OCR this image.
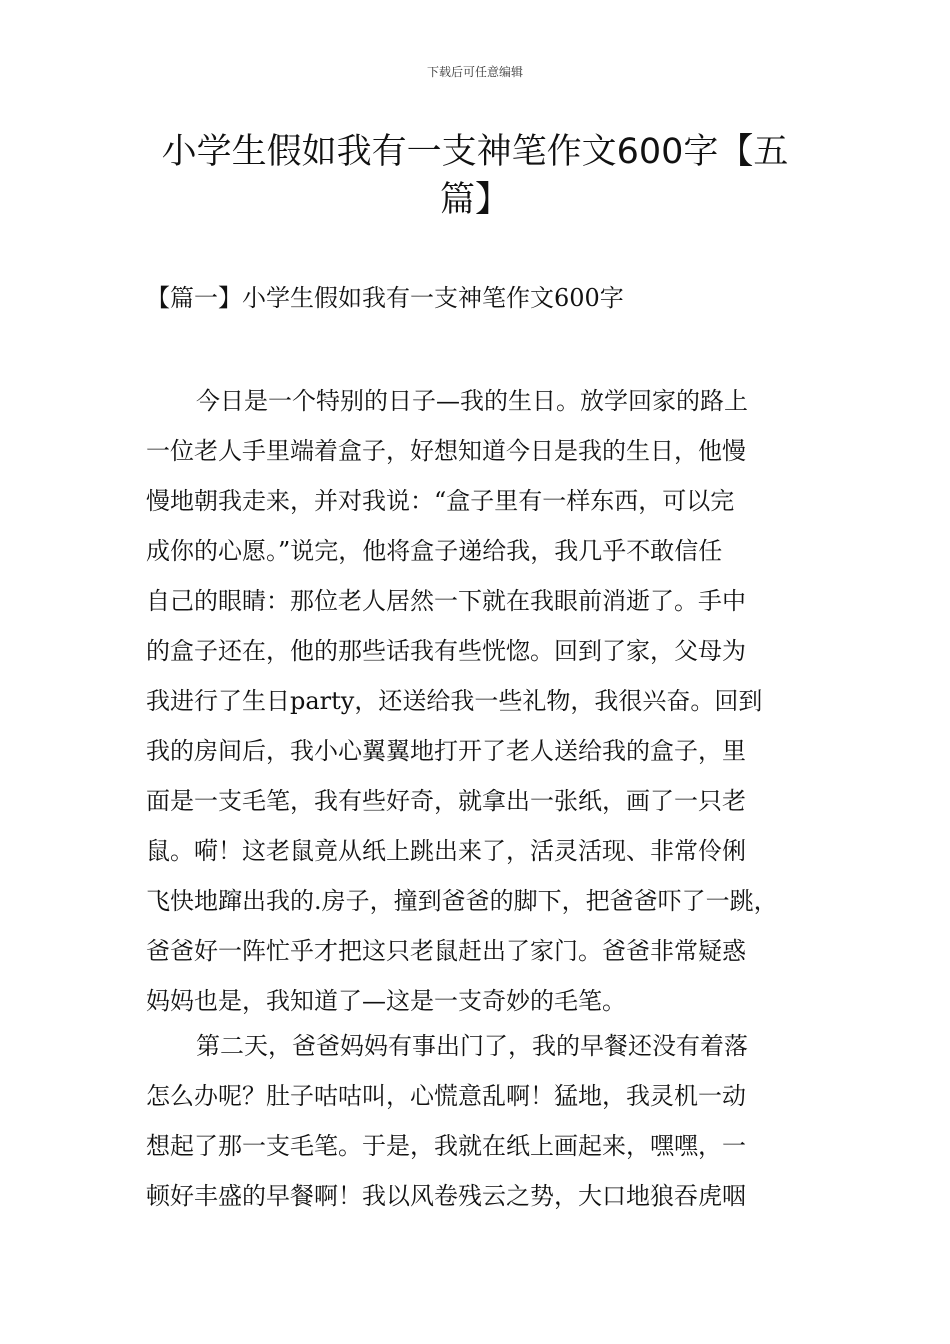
下载后可任意编辑
小学生假如我有一支神笔作文600字【五
篇】
【篇一】小学生假如我有一支神笔作文600字
今日是一个特别的日子—我的生日。放学回家的路上
一位老人手里端着盒子，好想知道今日是我的生日，他慢
慢地朝我走来，并对我说：“盒子里有一样东西，可以完
成你的心愿。”说完，他将盒子递给我，我几乎不敢信任
自己的眼睛：那位老人居然一下就在我眼前消逝了。手中
的盒子还在，他的那些话我有些恍惚。回到了家，父母为
我进行了生日party，还送给我一些礼物，我很兴奋。回到
我的房间后，我小心翼翼地打开了老人送给我的盒子，里
面是一支毛笔，我有些好奇，就拿出一张纸，画了一只老
鼠。嗬！这老鼠竟从纸上跳出来了，活灵活现、非常伶俐
飞快地蹿出我的.房子，撞到爸爸的脚下，把爸爸吓了一跳，
爸爸好一阵忙乎才把这只老鼠赶出了家门。爸爸非常疑惑
妈妈也是，我知道了—这是一支奇妙的毛笔。
第二天，爸爸妈妈有事出门了，我的早餐还没有着落
怎么办呢？肚子咕咕叫，心慌意乱啊！猛地，我灵机一动
想起了那一支毛笔。于是，我就在纸上画起来，嘿嘿，一
顿好丰盛的早餐啊！我以风卷残云之势，大口地狼吞虎咽
